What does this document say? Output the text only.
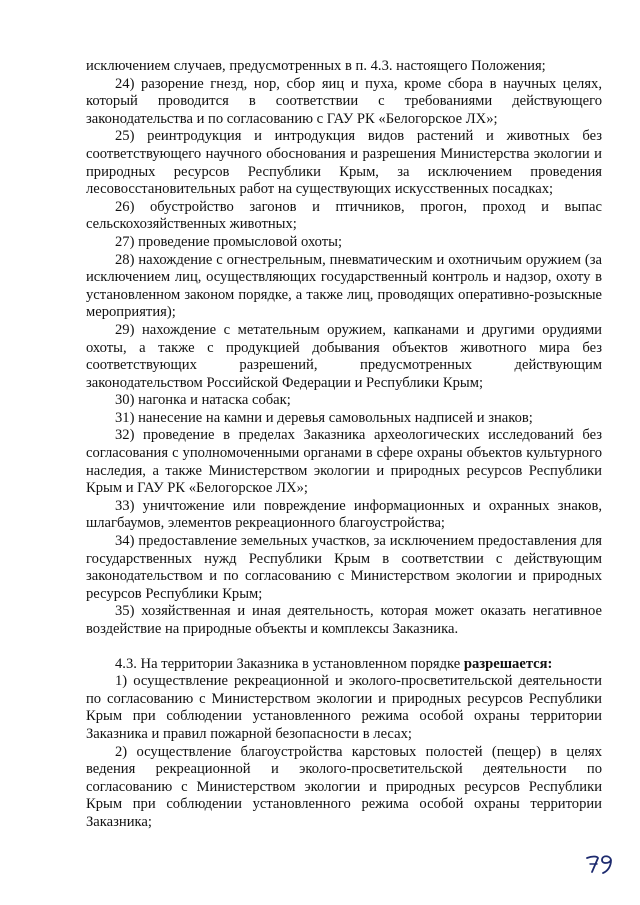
исключением случаев, предусмотренных в п. 4.3. настоящего Положения;

24) разорение гнезд, нор, сбор яиц и пуха, кроме сбора в научных целях, который проводится в соответствии с требованиями действующего законодательства и по согласованию с ГАУ РК «Белогорское ЛХ»;

25) реинтродукция и интродукция видов растений и животных без соответствующего научного обоснования и разрешения Министерства экологии и природных ресурсов Республики Крым, за исключением проведения лесовосстановительных работ на существующих искусственных посадках;

26) обустройство загонов и птичников, прогон, проход и выпас сельскохозяйственных животных;

27) проведение промысловой охоты;

28) нахождение с огнестрельным, пневматическим и охотничьим оружием (за исключением лиц, осуществляющих государственный контроль и надзор, охоту в установленном законом порядке, а также лиц, проводящих оперативно-розыскные мероприятия);

29) нахождение с метательным оружием, капканами и другими орудиями охоты, а также с продукцией добывания объектов животного мира без соответствующих разрешений, предусмотренных действующим законодательством Российской Федерации и Республики Крым;

30) нагонка и натаска собак;

31) нанесение на камни и деревья самовольных надписей и знаков;

32) проведение в пределах Заказника археологических исследований без согласования с уполномоченными органами в сфере охраны объектов культурного наследия, а также Министерством экологии и природных ресурсов Республики Крым и ГАУ РК «Белогорское ЛХ»;

33) уничтожение или повреждение информационных и охранных знаков, шлагбаумов, элементов рекреационного благоустройства;

34) предоставление земельных участков, за исключением предоставления для государственных нужд Республики Крым в соответствии с действующим законодательством и по согласованию с Министерством экологии и природных ресурсов Республики Крым;

35) хозяйственная и иная деятельность, которая может оказать негативное воздействие на природные объекты и комплексы Заказника.

4.3. На территории Заказника в установленном порядке разрешается:

1) осуществление рекреационной и эколого-просветительской деятельности по согласованию с Министерством экологии и природных ресурсов Республики Крым при соблюдении установленного режима особой охраны территории Заказника и правил пожарной безопасности в лесах;

2) осуществление благоустройства карстовых полостей (пещер) в целях ведения рекреационной и эколого-просветительской деятельности по согласованию с Министерством экологии и природных ресурсов Республики Крым при соблюдении установленного режима особой охраны территории Заказника;
